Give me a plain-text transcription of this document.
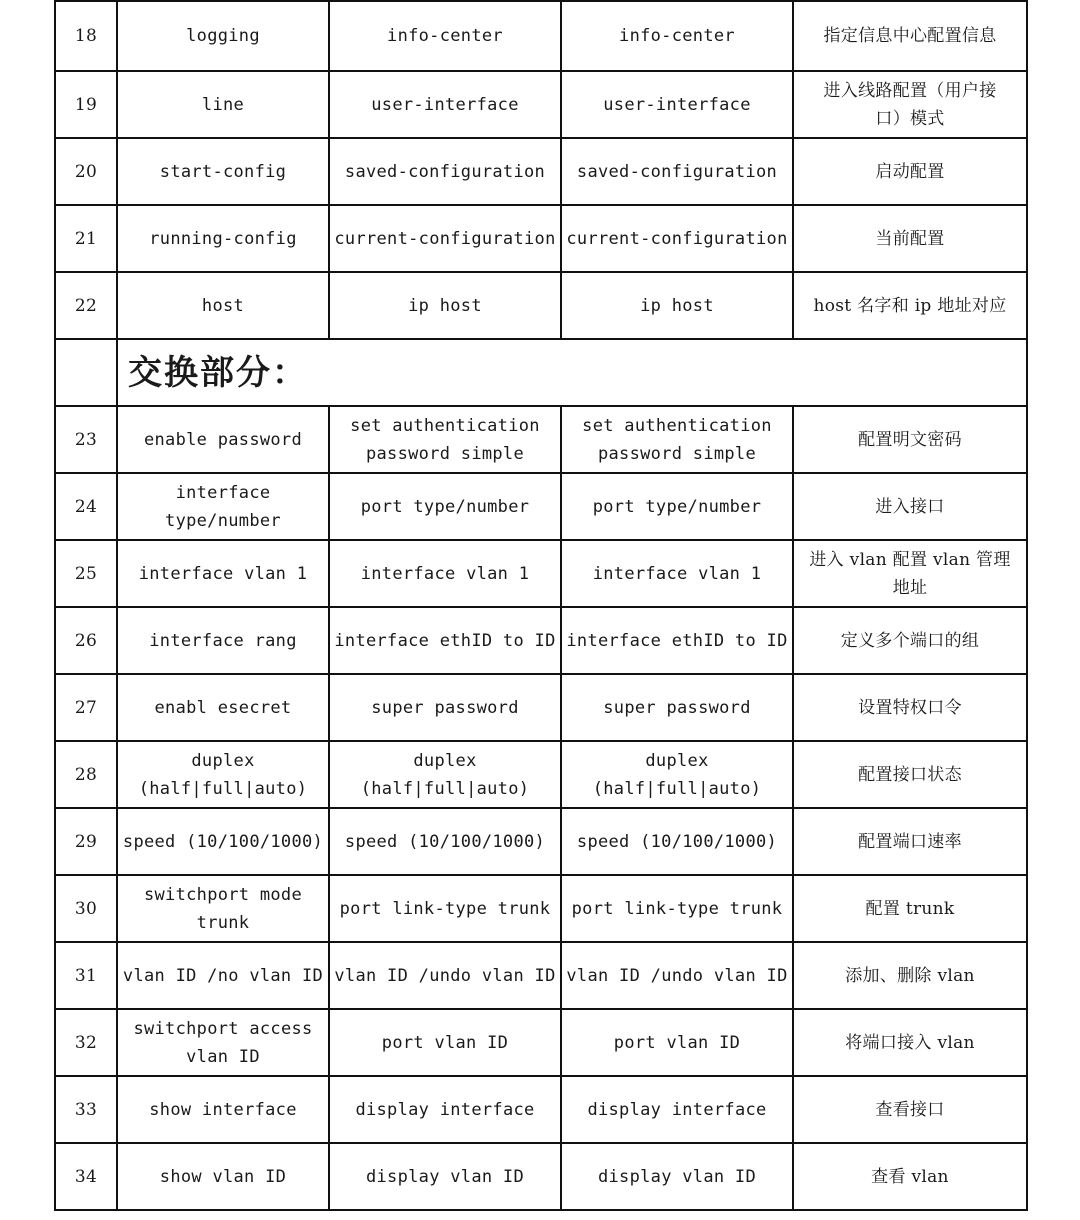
18	logging	info-center	info-center	指定信息中心配置信息

19	line	user-interface	user-interface	进入线路配置（用户接
口）模式

20	start-config	saved-configuration	saved-configuration	启动配置

21	running-config	current-configuration	current-configuration	当前配置

22	host	ip host	ip host	host 名字和 ip 地址对应

	交换部分：			

23	enable password	set authentication
password simple	set authentication
password simple	配置明文密码

24	interface
type/number	port type/number	port type/number	进入接口

25	interface vlan 1	interface vlan 1	interface vlan 1	进入 vlan 配置 vlan 管理
地址

26	interface rang	interface ethID to ID	interface ethID to ID	定义多个端口的组

27	enabl esecret	super password	super password	设置特权口令

28	duplex
(half|full|auto)	duplex
(half|full|auto)	duplex
(half|full|auto)	配置接口状态

29	speed (10/100/1000)	speed (10/100/1000)	speed (10/100/1000)	配置端口速率

30	switchport mode
trunk	port link-type trunk	port link-type trunk	配置 trunk

31	vlan ID /no vlan ID	vlan ID /undo vlan ID	vlan ID /undo vlan ID	添加、删除 vlan

32	switchport access
vlan ID	port vlan ID	port vlan ID	将端口接入 vlan

33	show interface	display interface	display interface	查看接口

34	show vlan ID	display vlan ID	display vlan ID	查看 vlan
